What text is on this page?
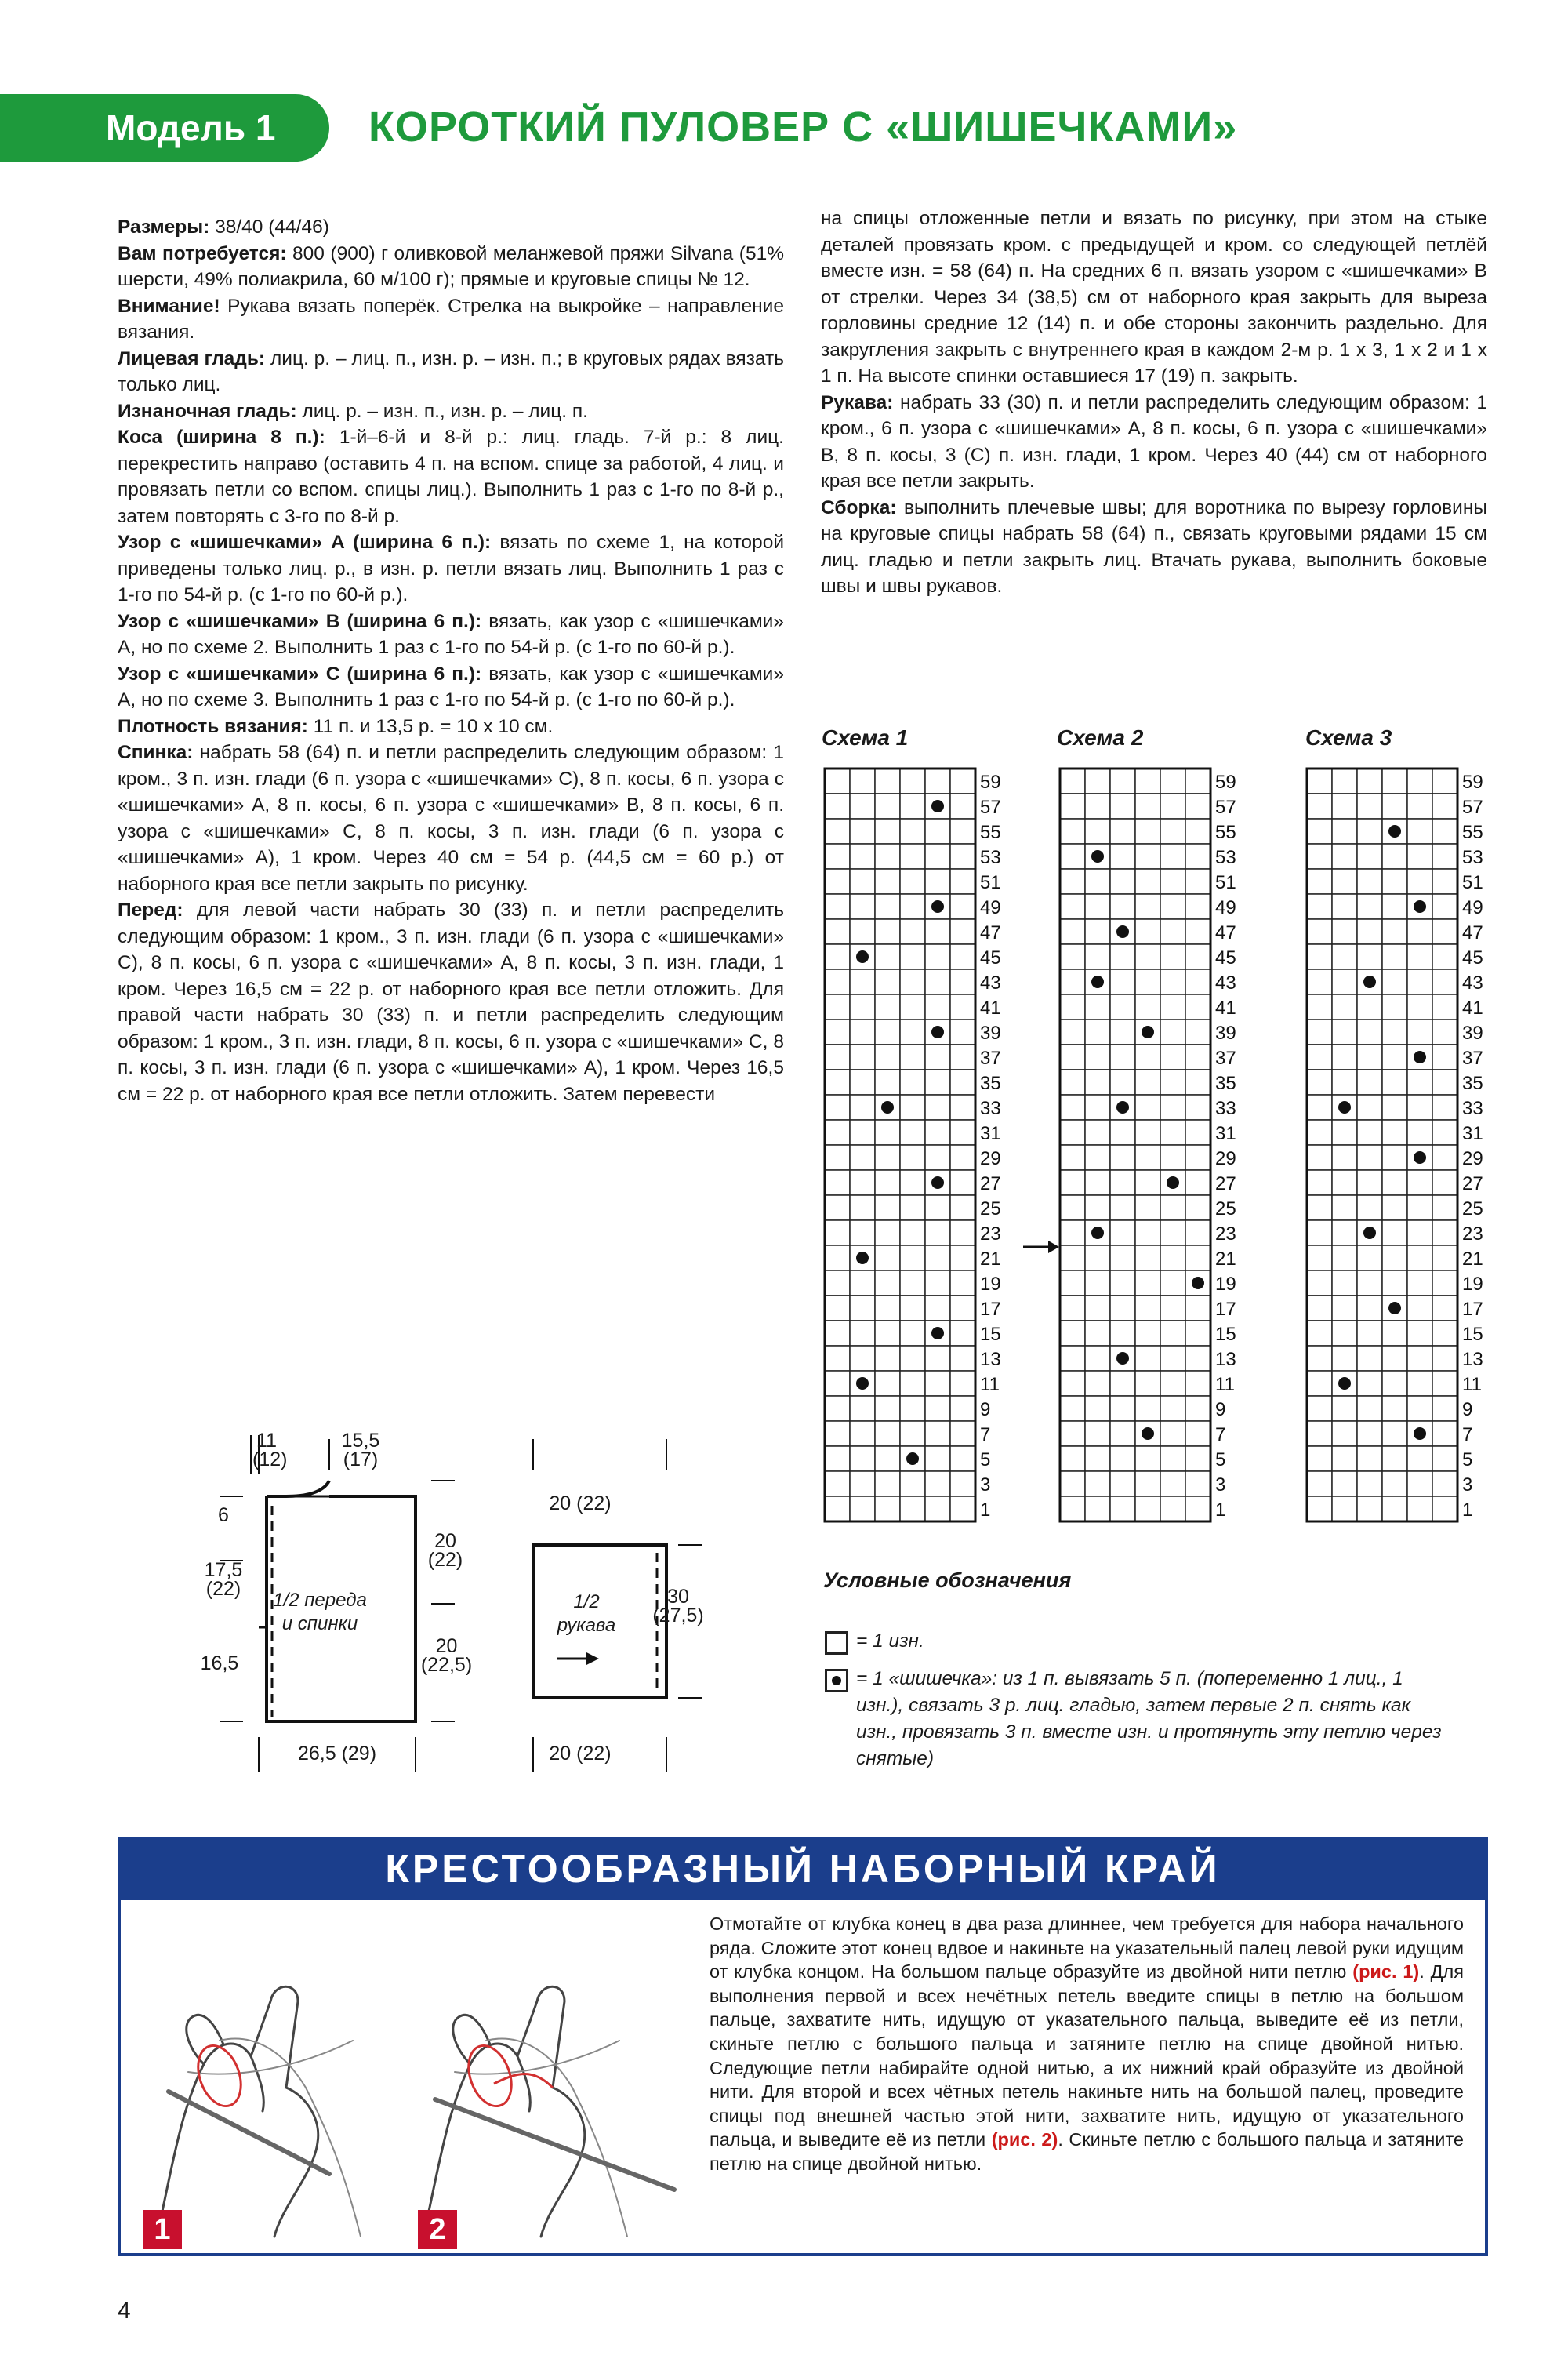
Модель 1	КОРОТКИЙ ПУЛОВЕР С «ШИШЕЧКАМИ»

Размеры: 38/40 (44/46)

Вам потребуется: 800 (900) г оливковой меланжевой пряжи Silvana (51% шерсти, 49% полиакрила, 60 м/100 г); прямые и круговые спицы № 12.

Внимание! Рукава вязать поперёк. Стрелка на выкройке – направление вязания.

Лицевая гладь: лиц. р. – лиц. п., изн. р. – изн. п.; в круговых рядах вязать только лиц.

Изнаночная гладь: лиц. р. – изн. п., изн. р. – лиц. п.

Коса (ширина 8 п.): 1-й–6-й и 8-й р.: лиц. гладь. 7-й р.: 8 лиц. перекрестить направо (оставить 4 п. на вспом. спице за работой, 4 лиц. и провязать петли со вспом. спицы лиц.). Выполнить 1 раз с 1-го по 8-й р., затем повторять с 3-го по 8-й р.

Узор с «шишечками» A (ширина 6 п.): вязать по схеме 1, на которой приведены только лиц. р., в изн. р. петли вязать лиц. Выполнить 1 раз с 1-го по 54-й р. (с 1-го по 60-й р.).

Узор с «шишечками» B (ширина 6 п.): вязать, как узор с «шишечками» А, но по схеме 2. Выполнить 1 раз с 1-го по 54-й р. (с 1-го по 60-й р.).

Узор с «шишечками» C (ширина 6 п.): вязать, как узор с «шишечками» А, но по схеме 3. Выполнить 1 раз с 1-го по 54-й р. (с 1-го по 60-й р.).

Плотность вязания: 11 п. и 13,5 р. = 10 x 10 см.

Спинка: набрать 58 (64) п. и петли распределить следующим образом: 1 кром., 3 п. изн. глади (6 п. узора с «шишечками» C), 8 п. косы, 6 п. узора с «шишечками» A, 8 п. косы, 6 п. узора с «шишечками» B, 8 п. косы, 6 п. узора с «шишечками» C, 8 п. косы, 3 п. изн. глади (6 п. узора с «шишечками» A), 1 кром. Через 40 см = 54 р. (44,5 см = 60 р.) от наборного края все петли закрыть по рисунку.

Перед: для левой части набрать 30 (33) п. и петли распределить следующим образом: 1 кром., 3 п. изн. глади (6 п. узора с «шишечками» C), 8 п. косы, 6 п. узора с «шишечками» А, 8 п. косы, 3 п. изн. глади, 1 кром. Через 16,5 см = 22 р. от наборного края все петли отложить. Для правой части набрать 30 (33) п. и петли распределить следующим образом: 1 кром., 3 п. изн. глади, 8 п. косы, 6 п. узора с «шишечками» C, 8 п. косы, 3 п. изн. глади (6 п. узора с «шишечками» A), 1 кром. Через 16,5 см = 22 р. от наборного края все петли отложить. Затем перевести

на спицы отложенные петли и вязать по рисунку, при этом на стыке деталей провязать кром. с предыдущей и кром. со следующей петлёй вместе изн. = 58 (64) п. На средних 6 п. вязать узором с «шишечками» B от стрелки. Через 34 (38,5) см от наборного края закрыть для выреза горловины средние 12 (14) п. и обе стороны закончить раздельно. Для закругления закрыть с внутреннего края в каждом 2-м р. 1 x 3, 1 x 2 и 1 x 1 п. На высоте спинки оставшиеся 17 (19) п. закрыть.

Рукава: набрать 33 (30) п. и петли распределить следующим образом: 1 кром., 6 п. узора с «шишечками» A, 8 п. косы, 6 п. узора с «шишечками» B, 8 п. косы, 3 (C) п. изн. глади, 1 кром. Через 40 (44) см от наборного края все петли закрыть.

Сборка: выполнить плечевые швы; для воротника по вырезу горловины на круговые спицы набрать 58 (64) п., связать круговыми рядами 15 см лиц. гладью и петли закрыть лиц. Втачать рукава, выполнить боковые швы и швы рукавов.

Схема 1	Схема 2	Схема 3
59
57
55
53
51
49
47
45
43
41
39
37
35
33
31
29
27
25
23
21
19
17
15
13
11
9
7
5
3
1
59
57
55
53
51
49
47
45
43
41
39
37
35
33
31
29
27
25
23
21
19
17
15
13
11
9
7
5
3
1
59
57
55
53
51
49
47
45
43
41
39
37
35
33
31
29
27
25
23
21
19
17
15
13
11
9
7
5
3
1
Условные обозначения
= 1 изн.
= 1 «шишечка»: из 1 п. вывязать 5 п. (попеременно 1 лиц., 1 изн.), связать 3 р. лиц. гладью, затем первые 2 п. снять как изн., провязать 3 п. вместе изн. и протянуть эту петлю через снятые)
11
(12)
15,5
(17)
6
17,5
(22)
16,5
20
(22)
20
(22,5)
26,5 (29)
1/2 переда и спинки
1/2 рукава
20 (22)
20 (22)
30
(27,5)
КРЕСТООБРАЗНЫЙ НАБОРНЫЙ КРАЙ
1	2
Отмотайте от клубка конец в два раза длиннее, чем требуется для набора начального ряда. Сложите этот конец вдвое и накиньте на указательный палец левой руки идущим от клубка концом. На большом пальце образуйте из двойной нити петлю (рис. 1). Для выполнения первой и всех нечётных петель введите спицы в петлю на большом пальце, захватите нить, идущую от указательного пальца, выведите её из петли, скиньте петлю с большого пальца и затяните петлю на спице двойной нитью. Следующие петли набирайте одной нитью, а их нижний край образуйте из двойной нити. Для второй и всех чётных петель накиньте нить на большой палец, проведите спицы под внешней частью этой нити, захватите нить, идущую от указательного пальца, и выведите её из петли (рис. 2). Скиньте петлю с большого пальца и затяните петлю на спице двойной нитью.
4
